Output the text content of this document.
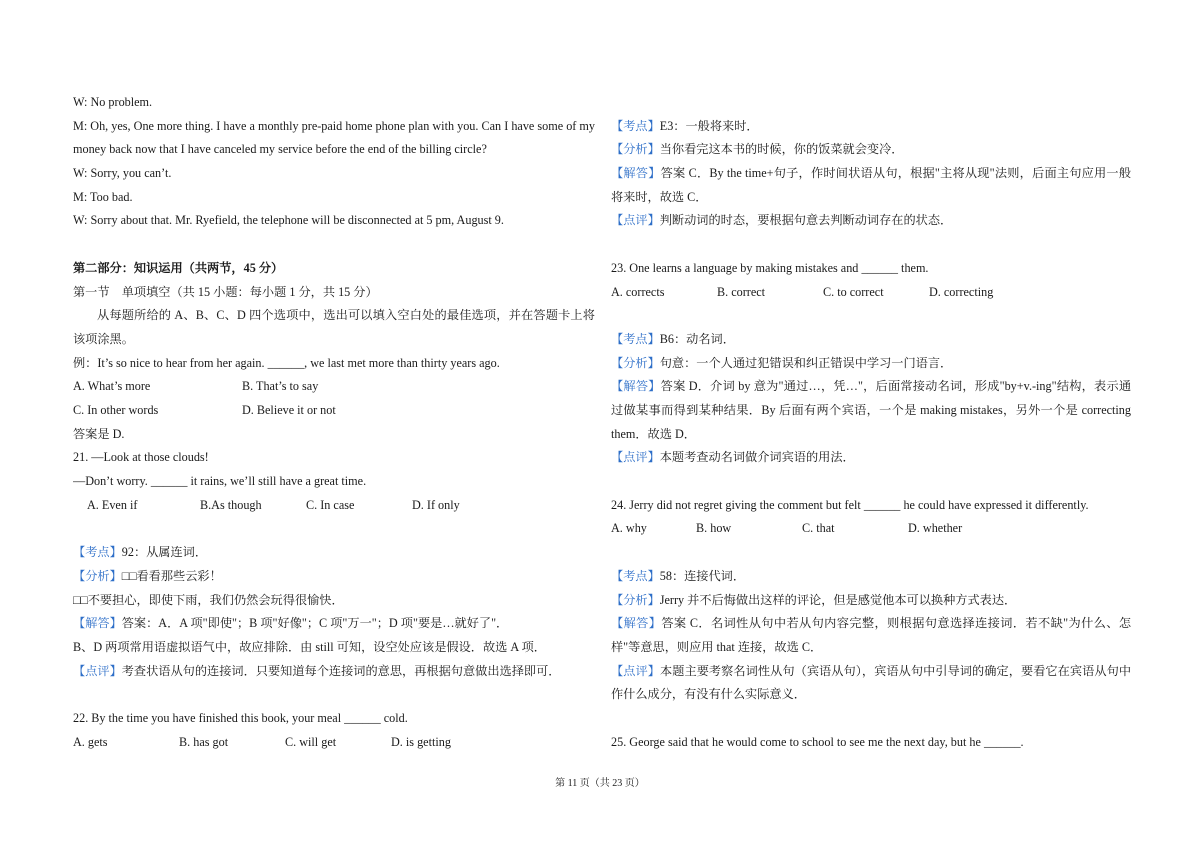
W: No problem.
M: Oh, yes, One more thing. I have a monthly pre-paid home phone plan with you. Can I have some of my money back now that I have canceled my service before the end of the billing circle?
W: Sorry, you can’t.
M: Too bad.
W: Sorry about that. Mr. Ryefield, the telephone will be disconnected at 5 pm, August 9.
第二部分：知识运用（共两节，45 分）
第一节　单项填空（共 15 小题：每小题 1 分，共 15 分）
从每题所给的 A、B、C、D 四个选项中，选出可以填入空白处的最佳选项，并在答题卡上将该项涂黑。
例：It’s so nice to hear from her again. ______, we last met more than thirty years ago.
A. What’s more	B. That’s to say
C. In other words	D. Believe it or not
答案是 D.
21. —Look at those clouds!
—Don’t worry. ______ it rains, we’ll still have a great time.
A. Even if	B.As though	C. In case	D. If only
【考点】92：从属连词．
【分析】□□看看那些云彩！
□□不要担心，即使下雨，我们仍然会玩得很愉快．
【解答】答案：A．A 项"即使"；B 项"好像"；C 项"万一"；D 项"要是…就好了"．
B、D 两项常用语虚拟语气中，故应排除．由 still 可知，设空处应该是假设．故选 A 项．
【点评】考查状语从句的连接词．只要知道每个连接词的意思，再根据句意做出选择即可．
22. By the time you have finished this book, your meal ______ cold.
A. gets	B. has got	C. will get	D. is getting
【考点】E3：一般将来时．
【分析】当你看完这本书的时候，你的饭菜就会变冷．
【解答】答案 C．By the time+句子，作时间状语从句，根据"主将从现"法则，后面主句应用一般将来时，故选 C．
【点评】判断动词的时态，要根据句意去判断动词存在的状态．
23. One learns a language by making mistakes and ______ them.
A. corrects	B. correct	C. to correct	D. correcting
【考点】B6：动名词．
【分析】句意：一个人通过犯错误和纠正错误中学习一门语言．
【解答】答案 D．介词 by 意为"通过…，凭…"，后面常接动名词，形成"by+v.-ing"结构，表示通过做某事而得到某种结果．By 后面有两个宾语，一个是 making mistakes，另外一个是 correcting them．故选 D．
【点评】本题考查动名词做介词宾语的用法．
24. Jerry did not regret giving the comment but felt ______ he could have expressed it differently.
A. why	B. how	C. that	D. whether
【考点】58：连接代词．
【分析】Jerry 并不后悔做出这样的评论，但是感觉他本可以换种方式表达．
【解答】答案 C．名词性从句中若从句内容完整，则根据句意选择连接词．若不缺"为什么、怎样"等意思，则应用 that 连接，故选 C．
【点评】本题主要考察名词性从句（宾语从句），宾语从句中引导词的确定，要看它在宾语从句中作什么成分，有没有什么实际意义．
25. George said that he would come to school to see me the next day, but he ______.
第 11 页（共 23 页）
